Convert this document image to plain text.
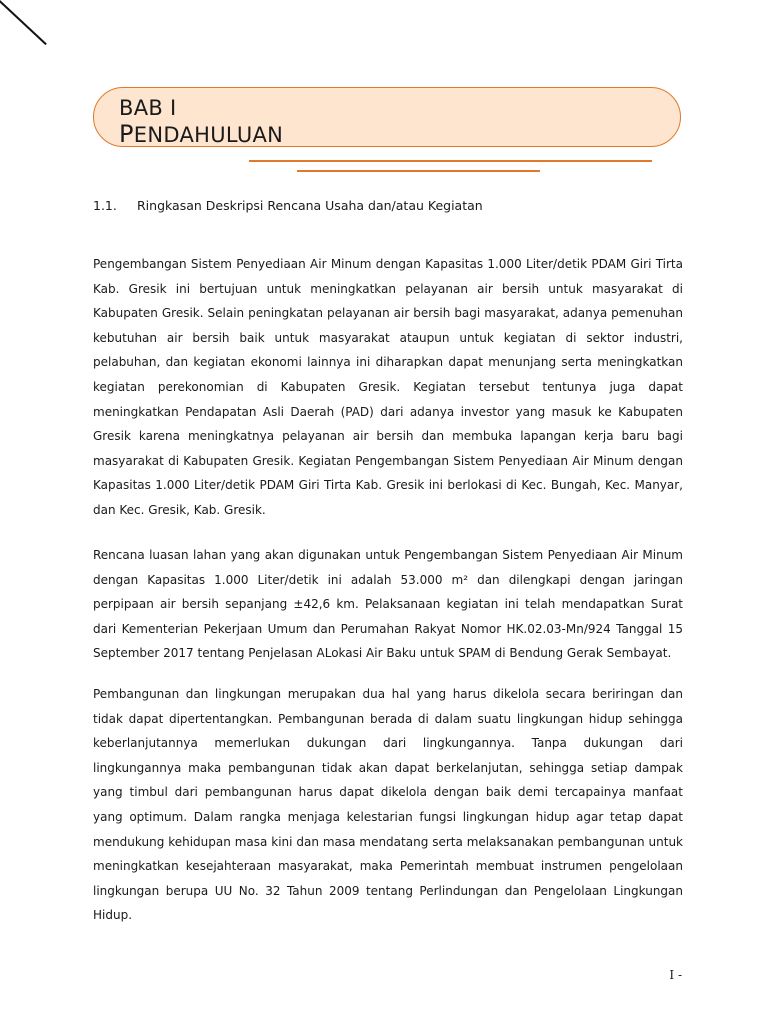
BAB I
PENDAHULUAN
1.1. Ringkasan Deskripsi Rencana Usaha dan/atau Kegiatan

Pengembangan Sistem Penyediaan Air Minum dengan Kapasitas 1.000 Liter/detik PDAM Giri Tirta Kab. Gresik ini bertujuan untuk meningkatkan pelayanan air bersih untuk masyarakat di Kabupaten Gresik. Selain peningkatan pelayanan air bersih bagi masyarakat, adanya pemenuhan kebutuhan air bersih baik untuk masyarakat ataupun untuk kegiatan di sektor industri, pelabuhan, dan kegiatan ekonomi lainnya ini diharapkan dapat menunjang serta meningkatkan kegiatan perekonomian di Kabupaten Gresik. Kegiatan tersebut tentunya juga dapat meningkatkan Pendapatan Asli Daerah (PAD) dari adanya investor yang masuk ke Kabupaten Gresik karena meningkatnya pelayanan air bersih dan membuka lapangan kerja baru bagi masyarakat di Kabupaten Gresik. Kegiatan Pengembangan Sistem Penyediaan Air Minum dengan Kapasitas 1.000 Liter/detik PDAM Giri Tirta Kab. Gresik ini berlokasi di Kec. Bungah, Kec. Manyar, dan Kec. Gresik, Kab. Gresik.

Rencana luasan lahan yang akan digunakan untuk Pengembangan Sistem Penyediaan Air Minum dengan Kapasitas 1.000 Liter/detik ini adalah 53.000 m² dan dilengkapi dengan jaringan perpipaan air bersih sepanjang ±42,6 km. Pelaksanaan kegiatan ini telah mendapatkan Surat dari Kementerian Pekerjaan Umum dan Perumahan Rakyat Nomor HK.02.03-Mn/924 Tanggal 15 September 2017 tentang Penjelasan ALokasi Air Baku untuk SPAM di Bendung Gerak Sembayat.

Pembangunan dan lingkungan merupakan dua hal yang harus dikelola secara beriringan dan tidak dapat dipertentangkan. Pembangunan berada di dalam suatu lingkungan hidup sehingga keberlanjutannya memerlukan dukungan dari lingkungannya. Tanpa dukungan dari lingkungannya maka pembangunan tidak akan dapat berkelanjutan, sehingga setiap dampak yang timbul dari pembangunan harus dapat dikelola dengan baik demi tercapainya manfaat yang optimum. Dalam rangka menjaga kelestarian fungsi lingkungan hidup agar tetap dapat mendukung kehidupan masa kini dan masa mendatang serta melaksanakan pembangunan untuk meningkatkan kesejahteraan masyarakat, maka Pemerintah membuat instrumen pengelolaan lingkungan berupa UU No. 32 Tahun 2009 tentang Perlindungan dan Pengelolaan Lingkungan Hidup.

I -
